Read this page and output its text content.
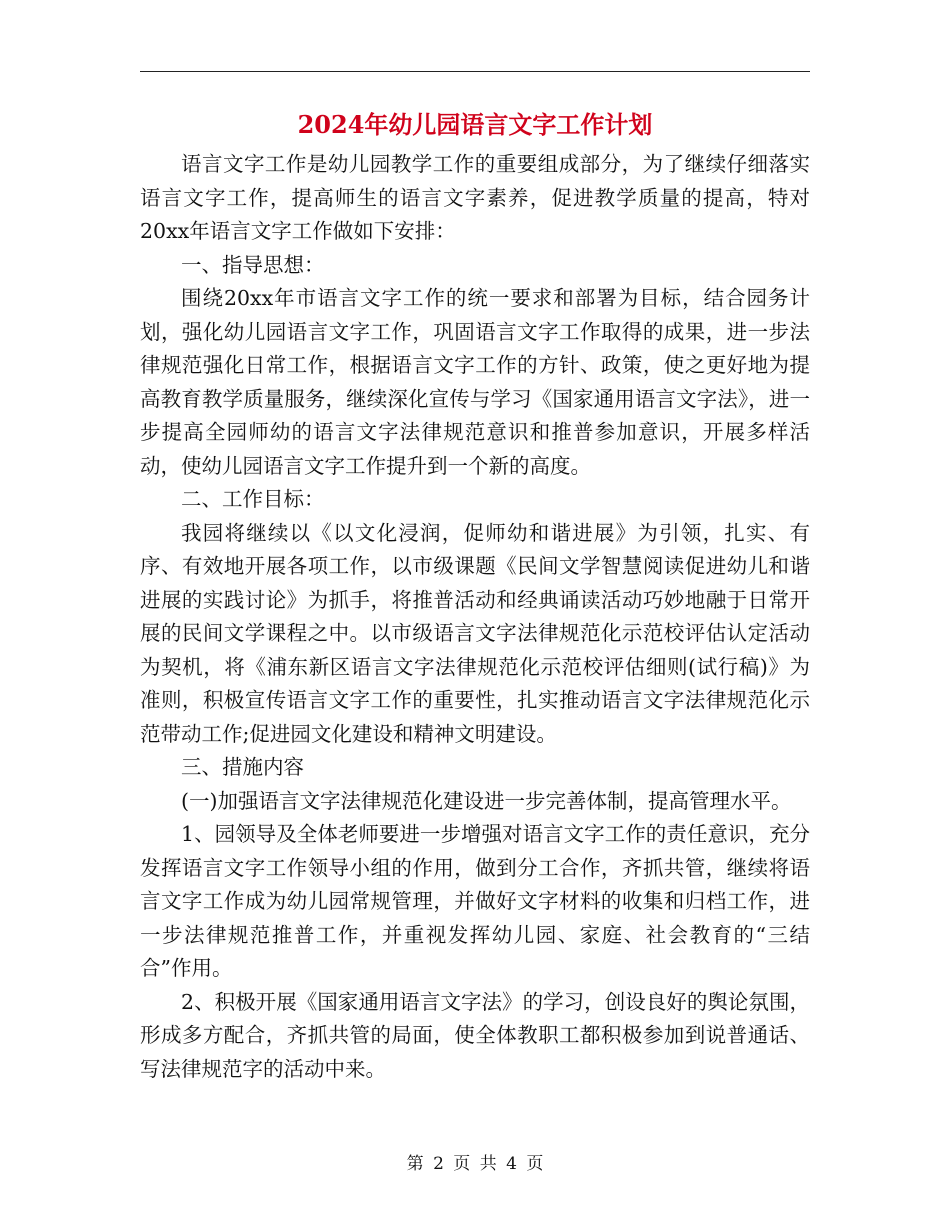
2024年幼儿园语言文字工作计划

语言文字工作是幼儿园教学工作的重要组成部分，为了继续仔细落实语言文字工作，提高师生的语言文字素养，促进教学质量的提高，特对20xx年语言文字工作做如下安排：

一、指导思想：

围绕20xx年市语言文字工作的统一要求和部署为目标，结合园务计划，强化幼儿园语言文字工作，巩固语言文字工作取得的成果，进一步法律规范强化日常工作，根据语言文字工作的方针、政策，使之更好地为提高教育教学质量服务，继续深化宣传与学习《国家通用语言文字法》，进一步提高全园师幼的语言文字法律规范意识和推普参加意识，开展多样活动，使幼儿园语言文字工作提升到一个新的高度。

二、工作目标：

我园将继续以《以文化浸润，促师幼和谐进展》为引领，扎实、有序、有效地开展各项工作，以市级课题《民间文学智慧阅读促进幼儿和谐进展的实践讨论》为抓手，将推普活动和经典诵读活动巧妙地融于日常开展的民间文学课程之中。以市级语言文字法律规范化示范校评估认定活动为契机，将《浦东新区语言文字法律规范化示范校评估细则(试行稿)》为准则，积极宣传语言文字工作的重要性，扎实推动语言文字法律规范化示范带动工作;促进园文化建设和精神文明建设。

三、措施内容

(一)加强语言文字法律规范化建设进一步完善体制，提高管理水平。

1、园领导及全体老师要进一步增强对语言文字工作的责任意识，充分发挥语言文字工作领导小组的作用，做到分工合作，齐抓共管，继续将语言文字工作成为幼儿园常规管理，并做好文字材料的收集和归档工作，进一步法律规范推普工作，并重视发挥幼儿园、家庭、社会教育的“三结合”作用。

2、积极开展《国家通用语言文字法》的学习，创设良好的舆论氛围，形成多方配合，齐抓共管的局面，使全体教职工都积极参加到说普通话、写法律规范字的活动中来。

第 2 页 共 4 页
